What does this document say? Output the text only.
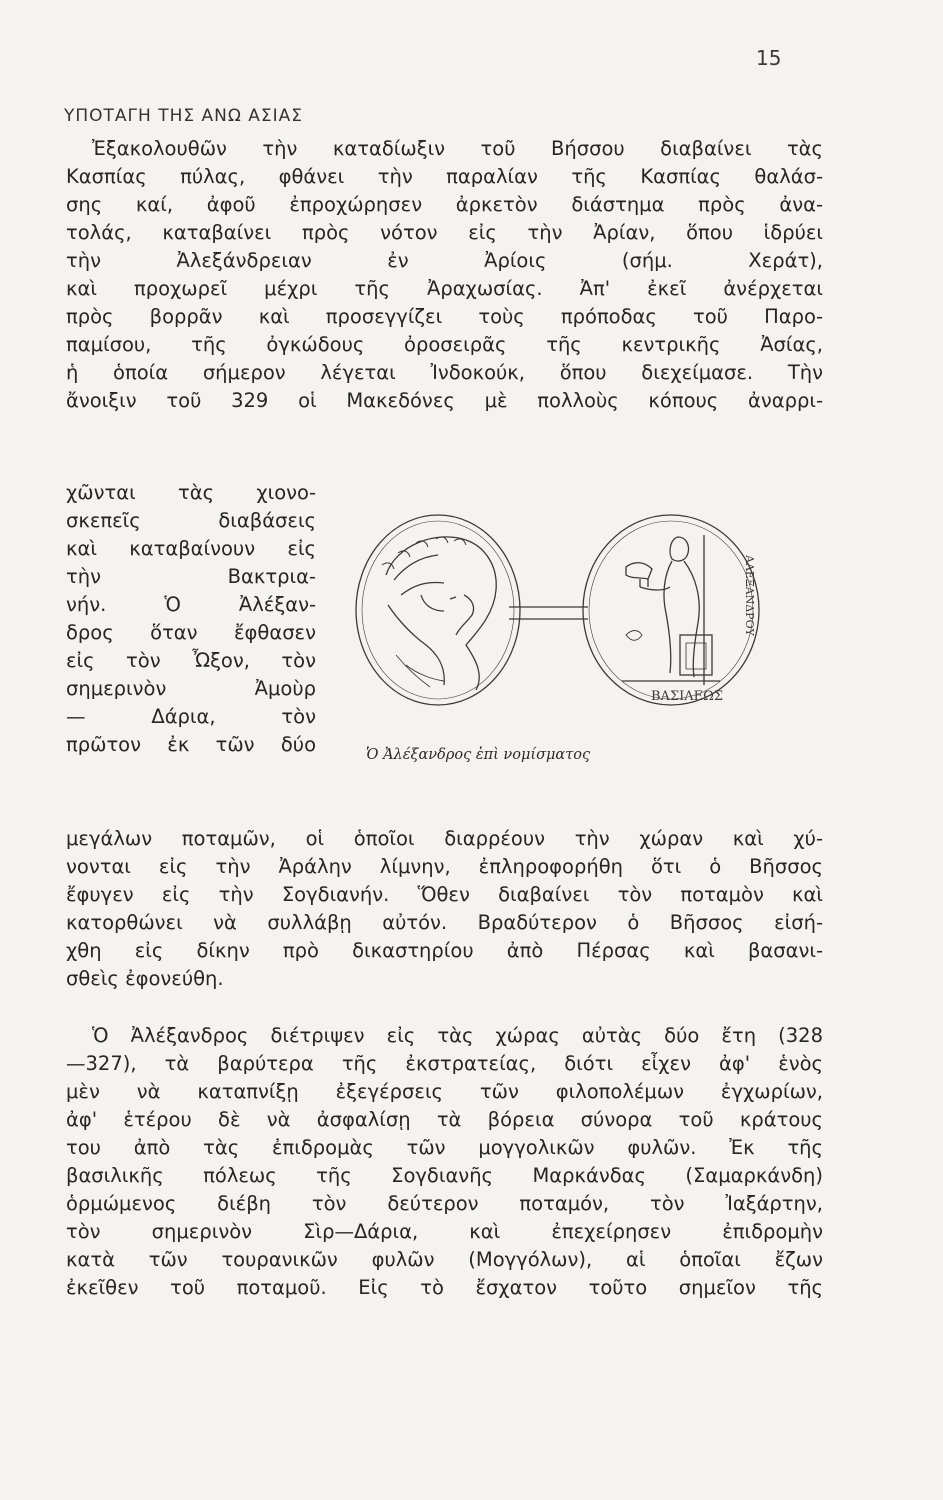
15
ΥΠΟΤΑΓΗ ΤΗΣ ΑΝΩ ΑΣΙΑΣ
Ἐξακολουθῶν τὴν καταδίωξιν τοῦ Βήσσου διαβαίνει τὰς
Κασπίας πύλας, φθάνει τὴν παραλίαν τῆς Κασπίας θαλάσ-
σης καί, ἀφοῦ ἐπροχώρησεν ἀρκετὸν διάστημα πρὸς ἀνα-
τολάς, καταβαίνει πρὸς νότον εἰς τὴν Ἀρίαν, ὅπου ἱδρύει
τὴν Ἀλεξάνδρειαν ἐν Ἀρίοις (σήμ. Χεράτ),
καὶ προχωρεῖ μέχρι τῆς Ἀραχωσίας. Ἀπ' ἐκεῖ ἀνέρχεται
πρὸς βορρᾶν καὶ προσεγγίζει τοὺς πρόποδας τοῦ Παρο-
παμίσου, τῆς ὀγκώδους ὀροσειρᾶς τῆς κεντρικῆς Ἀσίας,
ἡ ὁποία σήμερον λέγεται Ἰνδοκούκ, ὅπου διεχείμασε. Τὴν
ἄνοιξιν τοῦ 329 οἱ Μακεδόνες μὲ πολλοὺς κόπους ἀναρρι-
χῶνται τὰς χιονο-
σκεπεῖς διαβάσεις
καὶ καταβαίνουν εἰς
τὴν Βακτρια-
νήν. Ὁ Ἀλέξαν-
δρος ὅταν ἔφθασεν
εἰς τὸν Ὦξον, τὸν
σημερινὸν Ἀμοὺρ
— Δάρια, τὸν
πρῶτον ἐκ τῶν δύο
ΒΑΣΙΛΕΩΣ
ΑΛΕΞΑΝΔΡΟΥ
Ὁ Ἀλέξανδρος ἐπὶ νομίσματος
μεγάλων ποταμῶν, οἱ ὁποῖοι διαρρέουν τὴν χώραν καὶ χύ-
νονται εἰς τὴν Ἀράλην λίμνην, ἐπληροφορήθη ὅτι ὁ Βῆσσος
ἔφυγεν εἰς τὴν Σογδιανήν. Ὅθεν διαβαίνει τὸν ποταμὸν καὶ
κατορθώνει νὰ συλλάβῃ αὐτόν. Βραδύτερον ὁ Βῆσσος εἰσή-
χθη εἰς δίκην πρὸ δικαστηρίου ἀπὸ Πέρσας καὶ βασανι-
σθεὶς ἐφονεύθη.
Ὁ Ἀλέξανδρος διέτριψεν εἰς τὰς χώρας αὐτὰς δύο ἔτη (328
—327), τὰ βαρύτερα τῆς ἐκστρατείας, διότι εἶχεν ἀφ' ἑνὸς
μὲν νὰ καταπνίξῃ ἐξεγέρσεις τῶν φιλοπολέμων ἐγχωρίων,
ἀφ' ἑτέρου δὲ νὰ ἀσφαλίσῃ τὰ βόρεια σύνορα τοῦ κράτους
του ἀπὸ τὰς ἐπιδρομὰς τῶν μογγολικῶν φυλῶν. Ἐκ τῆς
βασιλικῆς πόλεως τῆς Σογδιανῆς Μαρκάνδας (Σαμαρκάνδη)
ὁρμώμενος διέβη τὸν δεύτερον ποταμόν, τὸν Ἰαξάρτην,
τὸν σημερινὸν Σὶρ—Δάρια, καὶ ἐπεχείρησεν ἐπιδρομὴν
κατὰ τῶν τουρανικῶν φυλῶν (Μογγόλων), αἱ ὁποῖαι ἔζων
ἐκεῖθεν τοῦ ποταμοῦ. Εἰς τὸ ἔσχατον τοῦτο σημεῖον τῆς
